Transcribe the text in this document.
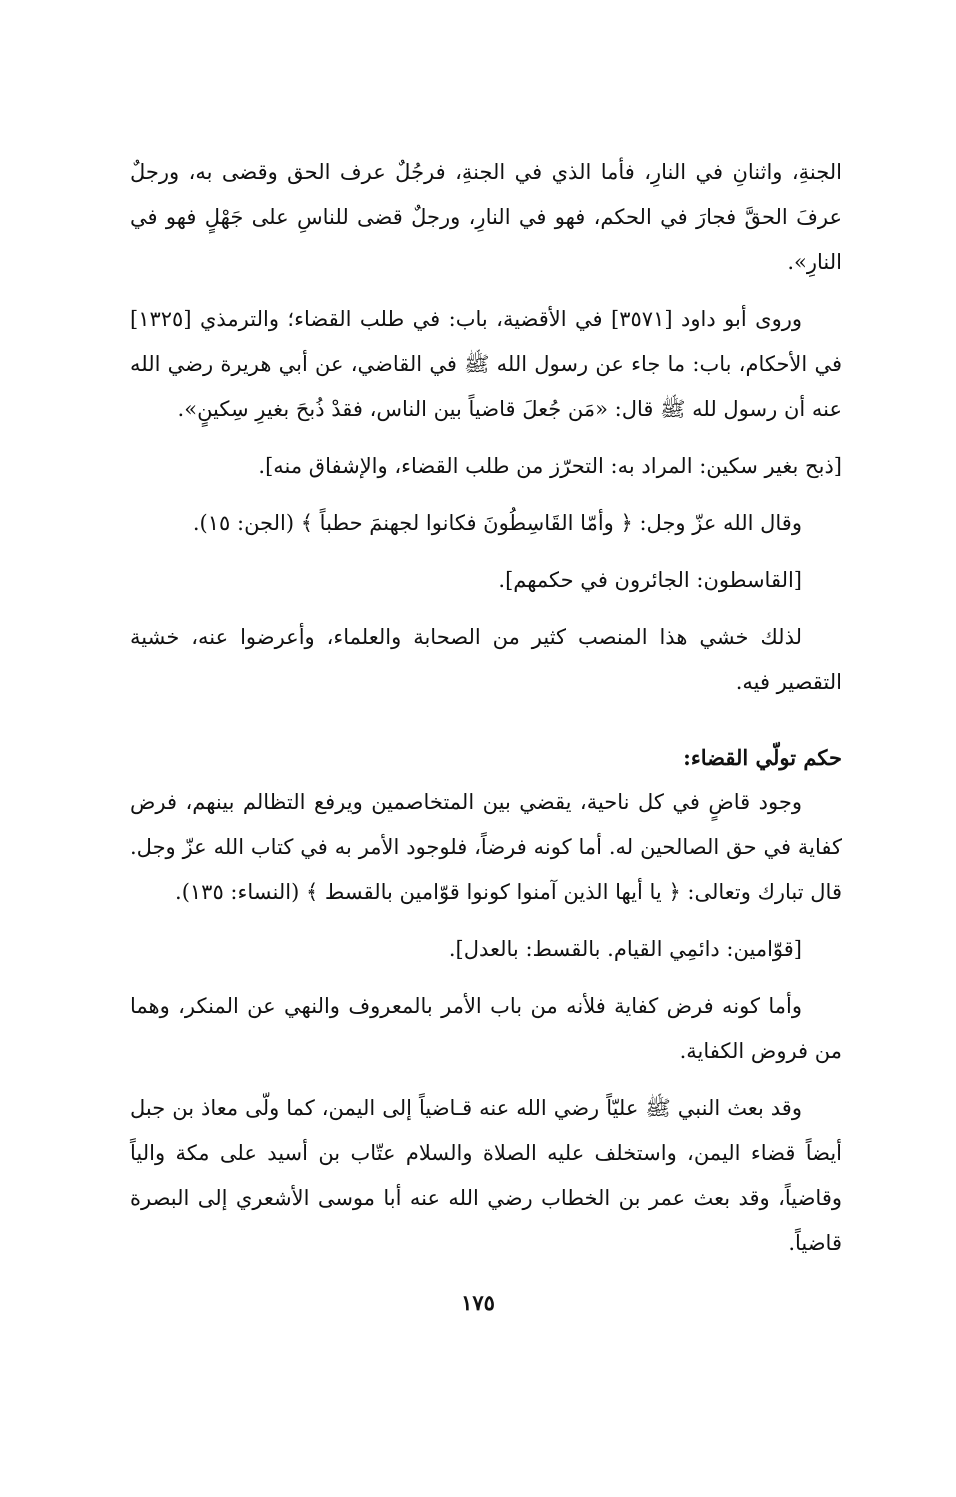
الجنةِ، واثنانِ في النارِ، فأما الذي في الجنةِ، فرجُلٌ عرف الحق وقضى به، ورجلٌ عرفَ الحقَّ فجارَ في الحكم، فهو في النارِ، ورجلٌ قضى للناسِ على جَهْلٍ فهو في النارِ».

وروى أبو داود [٣٥٧١] في الأقضية، باب: في طلب القضاء؛ والترمذي [١٣٢٥] في الأحكام، باب: ما جاء عن رسول الله ﷺ في القاضي، عن أبي هريرة رضي الله عنه أن رسول لله ﷺ قال: «مَن جُعلَ قاضياً بين الناس، فقدْ ذُبحَ بغيرِ سِكينٍ».

[ذبح بغير سكين: المراد به: التحرّز من طلب القضاء، والإشفاق منه].

وقال الله عزّ وجل: ﴿ وأمّا القَاسِطُونَ فكانوا لجهنمَ حطباً ﴾ (الجن: ١٥).

[القاسطون: الجائرون في حكمهم].

لذلك خشي هذا المنصب كثير من الصحابة والعلماء، وأعرضوا عنه، خشية التقصير فيه.

حكم تولّي القضاء:

وجود قاضٍ في كل ناحية، يقضي بين المتخاصمين ويرفع التظالم بينهم، فرض كفاية في حق الصالحين له. أما كونه فرضاً، فلوجود الأمر به في كتاب الله عزّ وجل. قال تبارك وتعالى: ﴿ يا أيها الذين آمنوا كونوا قوّامين بالقسط ﴾ (النساء: ١٣٥).

[قوّامين: دائمِي القيام. بالقسط: بالعدل].

وأما كونه فرض كفاية فلأنه من باب الأمر بالمعروف والنهي عن المنكر، وهما من فروض الكفاية.

وقد بعث النبي ﷺ عليّاً رضي الله عنه قـاضياً إلى اليمن، كما ولّى معاذ بن جبل أيضاً قضاء اليمن، واستخلف عليه الصلاة والسلام عتّاب بن أسيد على مكة والياً وقاضياً، وقد بعث عمر بن الخطاب رضي الله عنه أبا موسى الأشعري إلى البصرة قاضياً.

١٧٥
